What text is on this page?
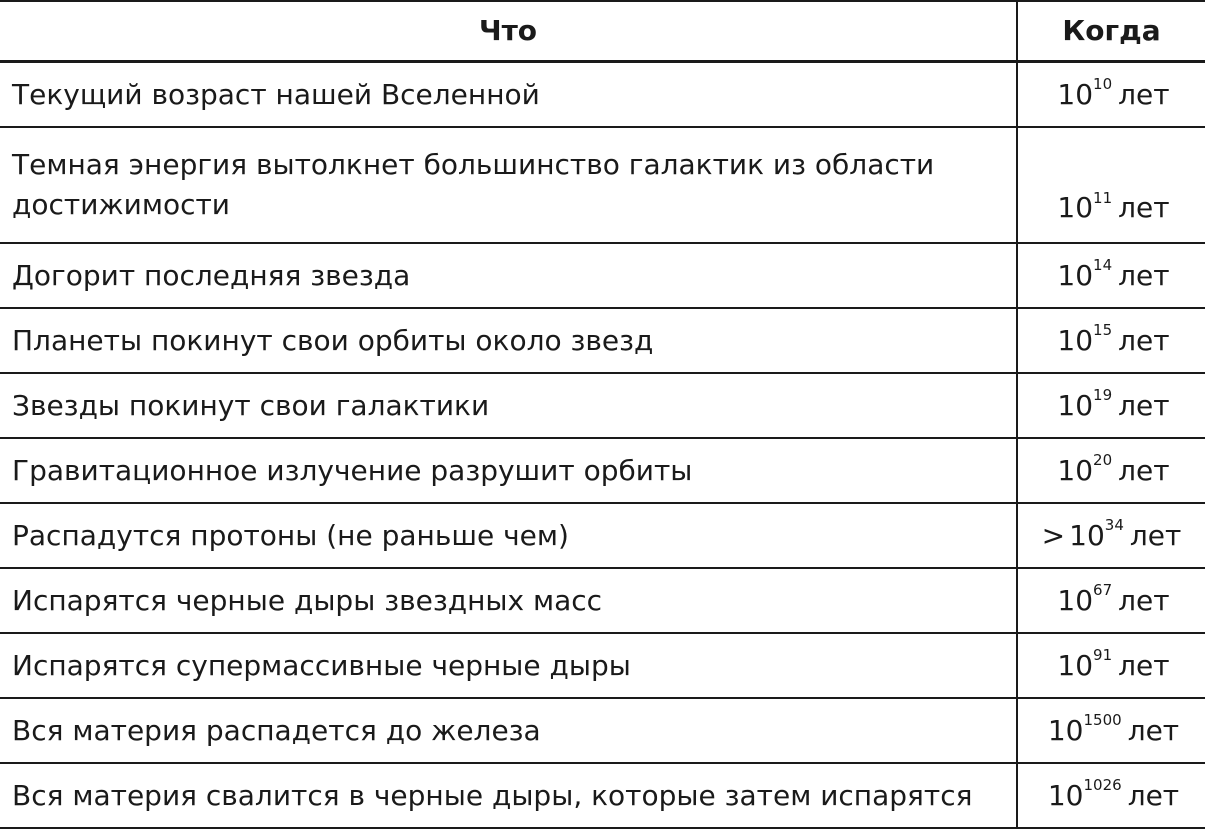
Что	Когда
Текущий возраст нашей Вселенной	$10^{10}$ лет
Темная энергия вытолкнет большинство галактик из области достижимости	$10^{11}$ лет
Догорит последняя звезда	$10^{14}$ лет
Планеты покинут свои орбиты около звезд	$10^{15}$ лет
Звезды покинут свои галактики	$10^{19}$ лет
Гравитационное излучение разрушит орбиты	$10^{20}$ лет
Распадутся протоны (не раньше чем)	> $10^{34}$ лет
Испарятся черные дыры звездных масс	$10^{67}$ лет
Испарятся супермассивные черные дыры	$10^{91}$ лет
Вся материя распадется до железа	$10^{1500}$ лет
Вся материя свалится в черные дыры, которые затем испарятся	$10^{1026}$ лет
